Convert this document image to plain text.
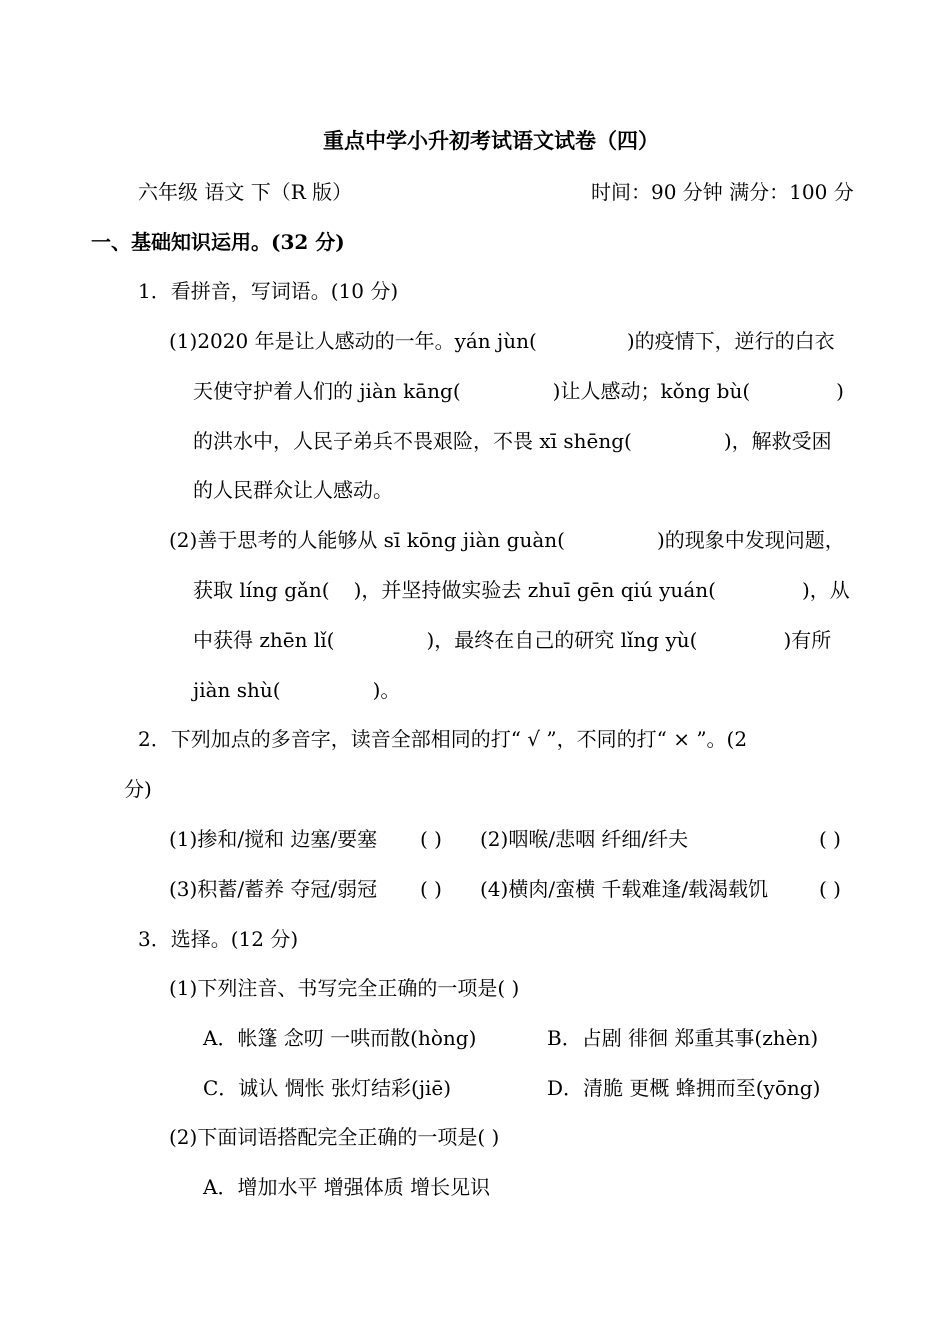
重点中学小升初考试语文试卷（四）
六年级 语文 下（R 版）	时间：90 分钟 满分：100 分
一、基础知识运用。(32 分)
1．看拼音，写词语。(10 分)
(1)2020 年是让人感动的一年。yán jùn(	)的疫情下，逆行的白衣
天使守护着人们的 jiàn kāng(	)让人感动；kǒng bù(	)
的洪水中，人民子弟兵不畏艰险，不畏 xī shēng(	)，解救受困
的人民群众让人感动。
(2)善于思考的人能够从 sī kōng jiàn guàn(	)的现象中发现问题，
获取 líng gǎn( )，并坚持做实验去 zhuī gēn qiú yuán(	)，从
中获得 zhēn lǐ(	)，最终在自己的研究 lǐng yù(	)有所
jiàn shù(	)。
2．下列加点的多音字，读音全部相同的打“ √ ”，不同的打“ × ”。(2
分)
(1)掺和/搅和 边塞/要塞 ( ) (2)咽喉/悲咽 纤细/纤夫	( )
(3)积蓄/蓄养 夺冠/弱冠 ( ) (4)横肉/蛮横 千载难逢/载渴载饥	( )
3．选择。(12 分)
(1)下列注音、书写完全正确的一项是( )
A．帐篷 念叨 一哄而散(hòng)	B．占剧 徘徊 郑重其事(zhèn)
C．诚认 惆怅 张灯结彩(jiē)	D．清脆 更概 蜂拥而至(yōng)
(2)下面词语搭配完全正确的一项是( )
A．增加水平 增强体质 增长见识
